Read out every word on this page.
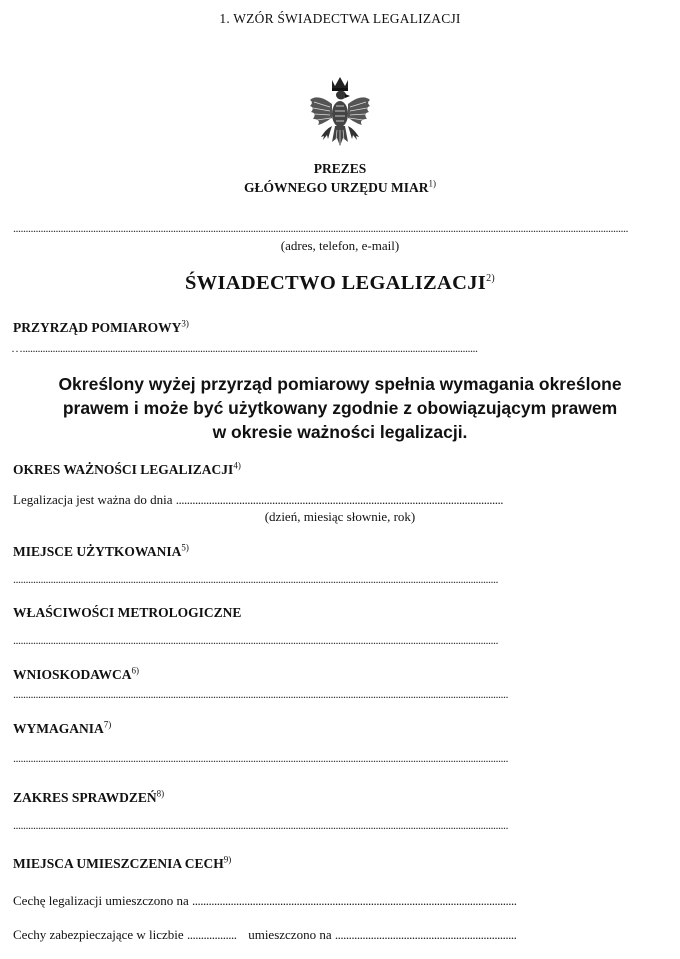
1. WZÓR ŚWIADECTWA LEGALIZACJI
PREZES
GŁÓWNEGO URZĘDU MIAR$^{1)}$
......................................................................................................................................................................................................................................................
(adres, telefon, e-mail)
ŚWIADECTWO LEGALIZACJI$^{2)}$
PRZYRZĄD POMIAROWY$^{3)}$
…......................................................................................................................................................................................
Określony wyżej przyrząd pomiarowy spełnia wymagania określone
prawem i może być użytkowany zgodnie z obowiązującym prawem
w okresie ważności legalizacji.
OKRES WAŻNOŚCI LEGALIZACJI$^{4)}$
Legalizacja jest ważna do dnia .......................................................................................................................
(dzień, miesiąc słownie, rok)
MIEJSCE UŻYTKOWANIA$^{5)}$
..................................................................................................................................................................................................
WŁAŚCIWOŚCI METROLOGICZNE
..................................................................................................................................................................................................
WNIOSKODAWCA$^{6)}$
......................................................................................................................................................................................................
WYMAGANIA$^{7)}$
......................................................................................................................................................................................................
ZAKRES SPRAWDZEŃ$^{8)}$
......................................................................................................................................................................................................
MIEJSCA UMIESZCZENIA CECH$^{9)}$
Cechę legalizacji umieszczono na ......................................................................................................................
Cechy zabezpieczające w liczbie .................. umieszczono na ..................................................................
